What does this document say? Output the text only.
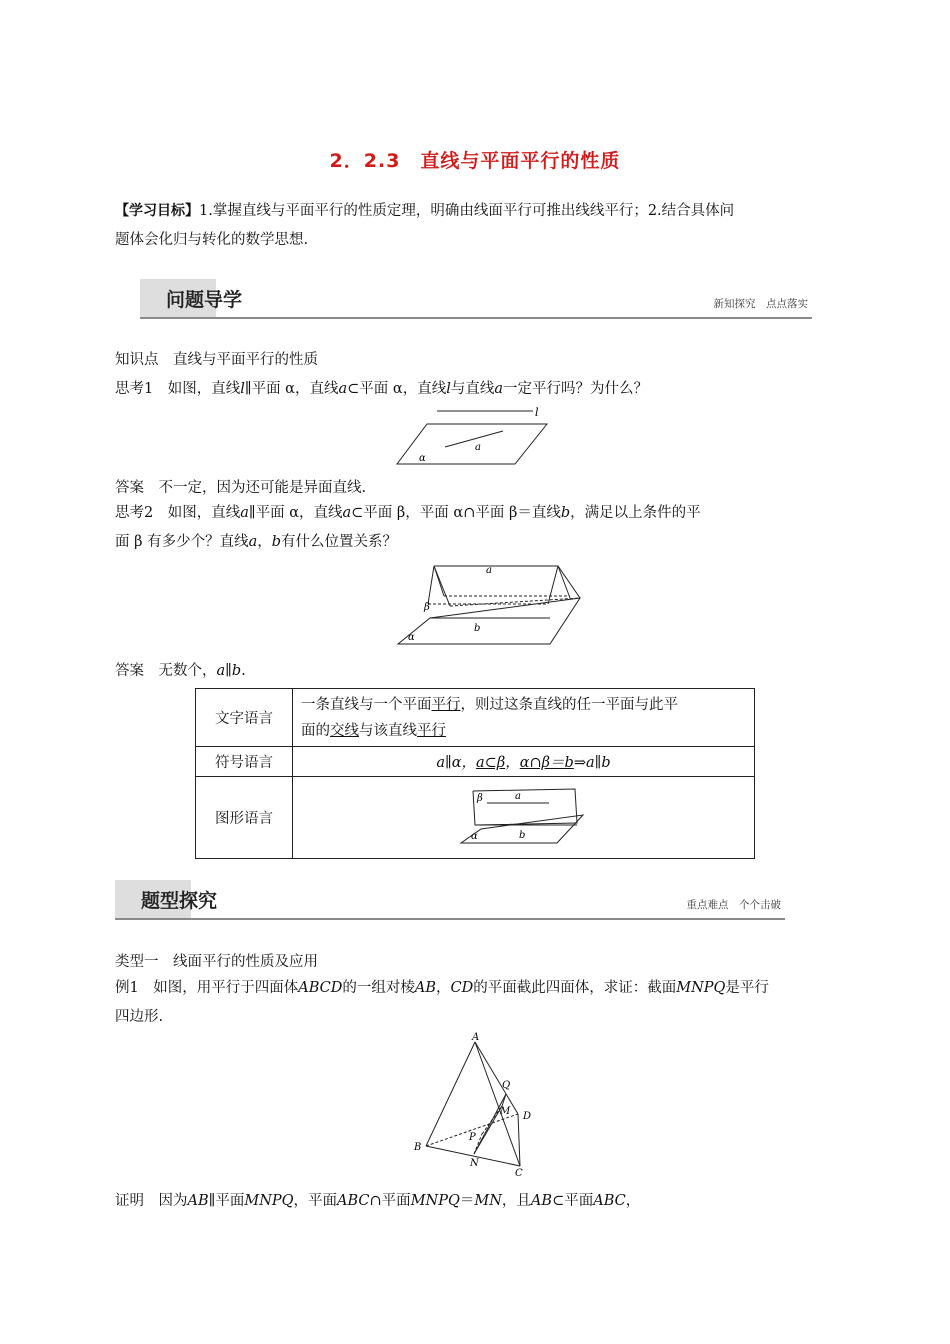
2．2.3　直线与平面平行的性质
【学习目标】1.掌握直线与平面平行的性质定理，明确由线面平行可推出线线平行；2.结合具体问
题体会化归与转化的数学思想.
问题导学	新知探究　点点落实
知识点　直线与平面平行的性质
思考1　如图，直线l∥平面 α，直线a⊂平面 α，直线l与直线a一定平行吗？为什么？
l
a
α
答案　不一定，因为还可能是异面直线.
思考2　如图，直线a∥平面 α，直线a⊂平面 β，平面 α∩平面 β＝直线b，满足以上条件的平
面 β 有多少个？直线a，b有什么位置关系？
a
β
b
α
答案　无数个，a∥b.
文字语言	一条直线与一个平面平行，则过这条直线的任一平面与此平
面的交线与该直线平行
符号语言	a∥α，a⊂β，α∩β＝b⇒a∥b
图形语言	β a
b
α
题型探究	重点难点　个个击破
类型一　线面平行的性质及应用
例1　如图，用平行于四面体ABCD的一组对棱AB，CD的平面截此四面体，求证：截面MNPQ是平行
四边形.
A
B
C
D
Q
M
P
N
证明　因为AB∥平面MNPQ，平面ABC∩平面MNPQ＝MN，且AB⊂平面ABC，
